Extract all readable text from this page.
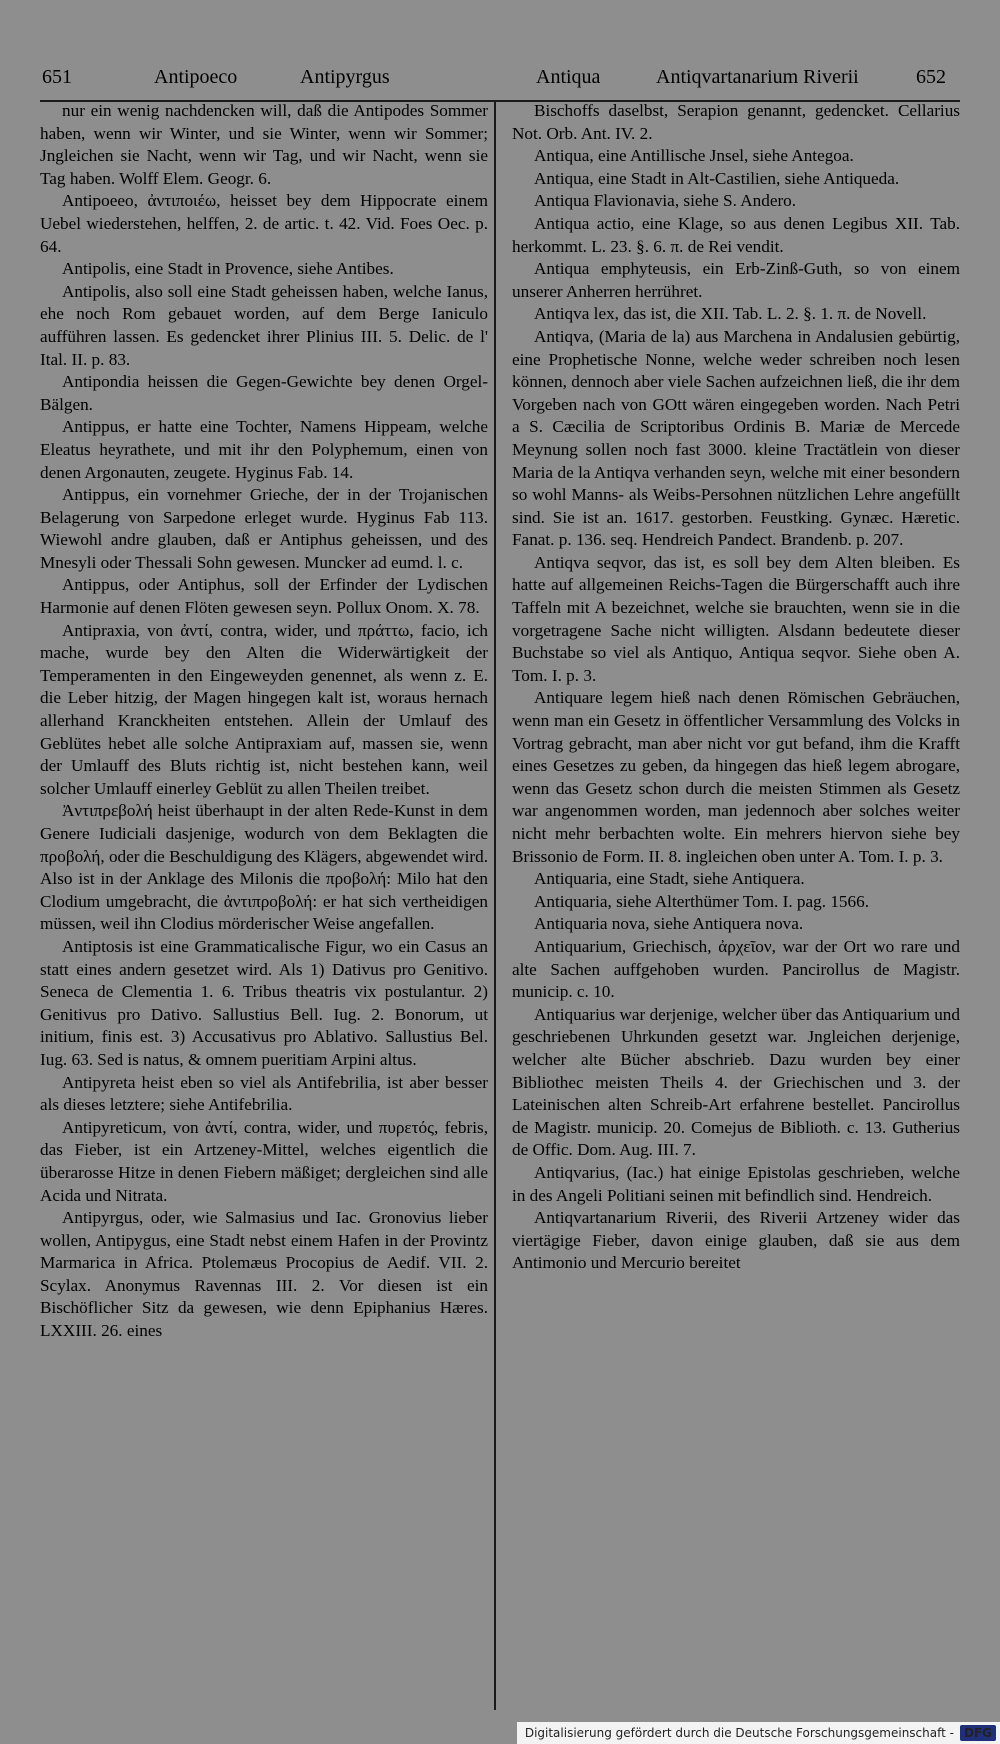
651	Antipoeco	Antipyrgus	Antiqua	Antiqvartanarium Riverii	652
nur ein wenig nachdencken will, daß die Antipodes Sommer haben, wenn wir Winter, und sie Winter, wenn wir Sommer; Jngleichen sie Nacht, wenn wir Tag, und wir Nacht, wenn sie Tag haben. Wolff Elem. Geogr. 6.
Antipoeeo, ἀντιποιέω, heisset bey dem Hippocrate einem Uebel wiederstehen, helffen, 2. de artic. t. 42. Vid. Foes Oec. p. 64.
Antipolis, eine Stadt in Provence, siehe Antibes.
Antipolis, also soll eine Stadt geheissen haben, welche Ianus, ehe noch Rom gebauet worden, auf dem Berge Ianiculo aufführen lassen. Es gedencket ihrer Plinius III. 5. Delic. de l' Ital. II. p. 83.
Antipondia heissen die Gegen-Gewichte bey denen Orgel-Bälgen.
Antippus, er hatte eine Tochter, Namens Hippeam, welche Eleatus heyrathete, und mit ihr den Polyphemum, einen von denen Argonauten, zeugete. Hyginus Fab. 14.
Antippus, ein vornehmer Grieche, der in der Trojanischen Belagerung von Sarpedone erleget wurde. Hyginus Fab 113. Wiewohl andre glauben, daß er Antiphus geheissen, und des Mnesyli oder Thessali Sohn gewesen. Muncker ad eumd. l. c.
Antippus, oder Antiphus, soll der Erfinder der Lydischen Harmonie auf denen Flöten gewesen seyn. Pollux Onom. X. 78.
Antipraxia, von ἀντί, contra, wider, und πράττω, facio, ich mache, wurde bey den Alten die Widerwärtigkeit der Temperamenten in den Eingeweyden genennet, als wenn z. E. die Leber hitzig, der Magen hingegen kalt ist, woraus hernach allerhand Kranckheiten entstehen. Allein der Umlauf des Geblütes hebet alle solche Antipraxiam auf, massen sie, wenn der Umlauff des Bluts richtig ist, nicht bestehen kann, weil solcher Umlauff einerley Geblüt zu allen Theilen treibet.
Ἀντιπρεβολή heist überhaupt in der alten Rede-Kunst in dem Genere Iudiciali dasjenige, wodurch von dem Beklagten die προβολή, oder die Beschuldigung des Klägers, abgewendet wird. Also ist in der Anklage des Milonis die προβολή: Milo hat den Clodium umgebracht, die ἀντιπροβολή: er hat sich vertheidigen müssen, weil ihn Clodius mörderischer Weise angefallen.
Antiptosis ist eine Grammaticalische Figur, wo ein Casus an statt eines andern gesetzet wird. Als 1) Dativus pro Genitivo. Seneca de Clementia 1. 6. Tribus theatris vix postulantur. 2) Genitivus pro Dativo. Sallustius Bell. Iug. 2. Bonorum, ut initium, finis est. 3) Accusativus pro Ablativo. Sallustius Bel. Iug. 63. Sed is natus, & omnem pueritiam Arpini altus.
Antipyreta heist eben so viel als Antifebrilia, ist aber besser als dieses letztere; siehe Antifebrilia.
Antipyreticum, von ἀντί, contra, wider, und πυρετός, febris, das Fieber, ist ein Artzeney-Mittel, welches eigentlich die überarosse Hitze in denen Fiebern mäßiget; dergleichen sind alle Acida und Nitrata.
Antipyrgus, oder, wie Salmasius und Iac. Gronovius lieber wollen, Antipygus, eine Stadt nebst einem Hafen in der Provintz Marmarica in Africa. Ptolemæus Procopius de Aedif. VII. 2. Scylax. Anonymus Ravennas III. 2. Vor diesen ist ein Bischöflicher Sitz da gewesen, wie denn Epiphanius Hæres. LXXIII. 26. eines
Bischoffs daselbst, Serapion genannt, gedencket. Cellarius Not. Orb. Ant. IV. 2.
Antiqua, eine Antillische Jnsel, siehe Antegoa.
Antiqua, eine Stadt in Alt-Castilien, siehe Antiqueda.
Antiqua Flavionavia, siehe S. Andero.
Antiqua actio, eine Klage, so aus denen Legibus XII. Tab. herkommt. L. 23. §. 6. π. de Rei vendit.
Antiqua emphyteusis, ein Erb-Zinß-Guth, so von einem unserer Anherren herrühret.
Antiqva lex, das ist, die XII. Tab. L. 2. §. 1. π. de Novell.
Antiqva, (Maria de la) aus Marchena in Andalusien gebürtig, eine Prophetische Nonne, welche weder schreiben noch lesen können, dennoch aber viele Sachen aufzeichnen ließ, die ihr dem Vorgeben nach von GOtt wären eingegeben worden. Nach Petri a S. Cæcilia de Scriptoribus Ordinis B. Mariæ de Mercede Meynung sollen noch fast 3000. kleine Tractätlein von dieser Maria de la Antiqva verhanden seyn, welche mit einer besondern so wohl Manns- als Weibs-Persohnen nützlichen Lehre angefüllt sind. Sie ist an. 1617. gestorben. Feustking. Gynæc. Hæretic. Fanat. p. 136. seq. Hendreich Pandect. Brandenb. p. 207.
Antiqva seqvor, das ist, es soll bey dem Alten bleiben. Es hatte auf allgemeinen Reichs-Tagen die Bürgerschafft auch ihre Taffeln mit A bezeichnet, welche sie brauchten, wenn sie in die vorgetragene Sache nicht willigten. Alsdann bedeutete dieser Buchstabe so viel als Antiquo, Antiqua seqvor. Siehe oben A. Tom. I. p. 3.
Antiquare legem hieß nach denen Römischen Gebräuchen, wenn man ein Gesetz in öffentlicher Versammlung des Volcks in Vortrag gebracht, man aber nicht vor gut befand, ihm die Krafft eines Gesetzes zu geben, da hingegen das hieß legem abrogare, wenn das Gesetz schon durch die meisten Stimmen als Gesetz war angenommen worden, man jedennoch aber solches weiter nicht mehr berbachten wolte. Ein mehrers hiervon siehe bey Brissonio de Form. II. 8. ingleichen oben unter A. Tom. I. p. 3.
Antiquaria, eine Stadt, siehe Antiquera.
Antiquaria, siehe Alterthümer Tom. I. pag. 1566.
Antiquaria nova, siehe Antiquera nova.
Antiquarium, Griechisch, ἀρχεῖον, war der Ort wo rare und alte Sachen auffgehoben wurden. Pancirollus de Magistr. municip. c. 10.
Antiquarius war derjenige, welcher über das Antiquarium und geschriebenen Uhrkunden gesetzt war. Jngleichen derjenige, welcher alte Bücher abschrieb. Dazu wurden bey einer Bibliothec meisten Theils 4. der Griechischen und 3. der Lateinischen alten Schreib-Art erfahrene bestellet. Pancirollus de Magistr. municip. 20. Comejus de Biblioth. c. 13. Gutherius de Offic. Dom. Aug. III. 7.
Antiqvarius, (Iac.) hat einige Epistolas geschrieben, welche in des Angeli Politiani seinen mit befindlich sind. Hendreich.
Antiqvartanarium Riverii, des Riverii Artzeney wider das viertägige Fieber, davon einige glauben, daß sie aus dem Antimonio und Mercurio bereitet
Digitalisierung gefördert durch die Deutsche Forschungsgemeinschaft - DFG
